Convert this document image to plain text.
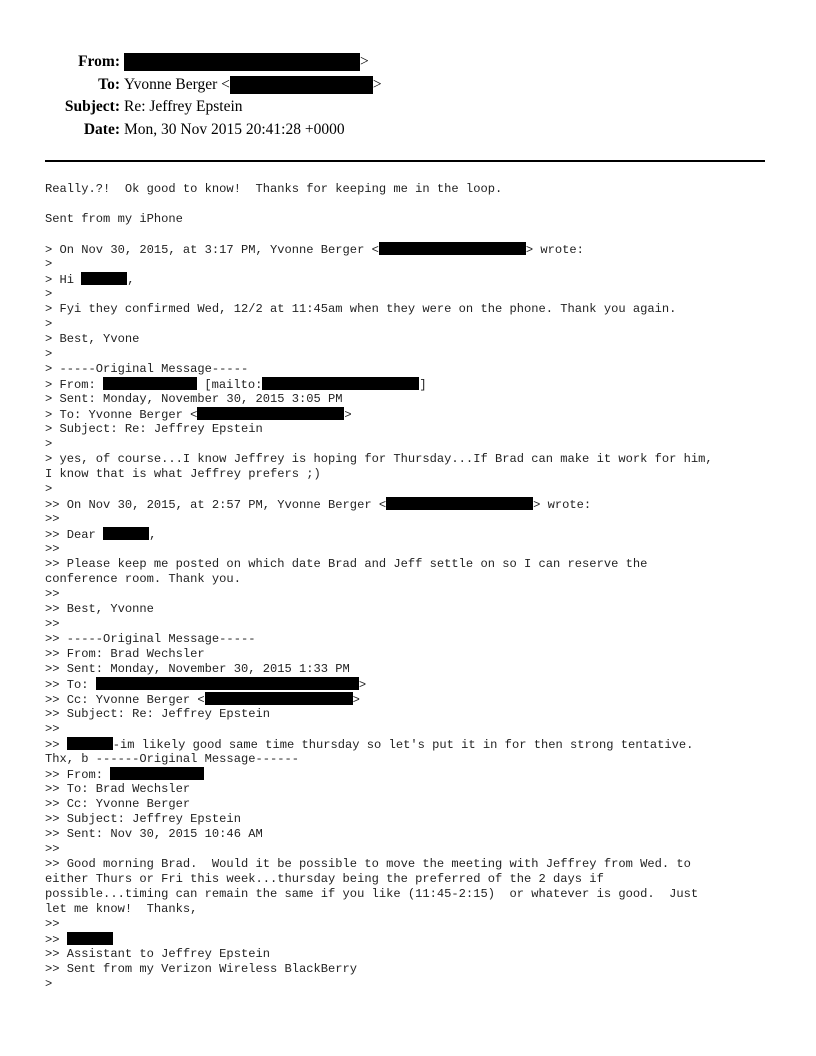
From:	>
To: Yvonne Berger <	>
Subject: Re: Jeffrey Epstein
Date: Mon, 30 Nov 2015 20:41:28 +0000
Really.?!  Ok good to know!  Thanks for keeping me in the loop.
Sent from my iPhone
> On Nov 30, 2015, at 3:17 PM, Yvonne Berger <	> wrote:
>
> Hi	,
>
> Fyi they confirmed Wed, 12/2 at 11:45am when they were on the phone. Thank you again.
>
> Best, Yvone
>
> -----Original Message-----
> From:	[mailto:	]
> Sent: Monday, November 30, 2015 3:05 PM
> To: Yvonne Berger <	>
> Subject: Re: Jeffrey Epstein
>
> yes, of course...I know Jeffrey is hoping for Thursday...If Brad can make it work for him,
I know that is what Jeffrey prefers ;)
>
>> On Nov 30, 2015, at 2:57 PM, Yvonne Berger <	> wrote:
>>
>> Dear	,
>>
>> Please keep me posted on which date Brad and Jeff settle on so I can reserve the
conference room. Thank you.
>>
>> Best, Yvonne
>>
>> -----Original Message-----
>> From: Brad Wechsler
>> Sent: Monday, November 30, 2015 1:33 PM
>> To:	>
>> Cc: Yvonne Berger <	>
>> Subject: Re: Jeffrey Epstein
>>
>>	-im likely good same time thursday so let's put it in for then strong tentative.
Thx, b ------Original Message------
>> From:
>> To: Brad Wechsler
>> Cc: Yvonne Berger
>> Subject: Jeffrey Epstein
>> Sent: Nov 30, 2015 10:46 AM
>>
>> Good morning Brad.  Would it be possible to move the meeting with Jeffrey from Wed. to
either Thurs or Fri this week...thursday being the preferred of the 2 days if
possible...timing can remain the same if you like (11:45-2:15)  or whatever is good.  Just
let me know!  Thanks,
>>
>>
>> Assistant to Jeffrey Epstein
>> Sent from my Verizon Wireless BlackBerry
>
